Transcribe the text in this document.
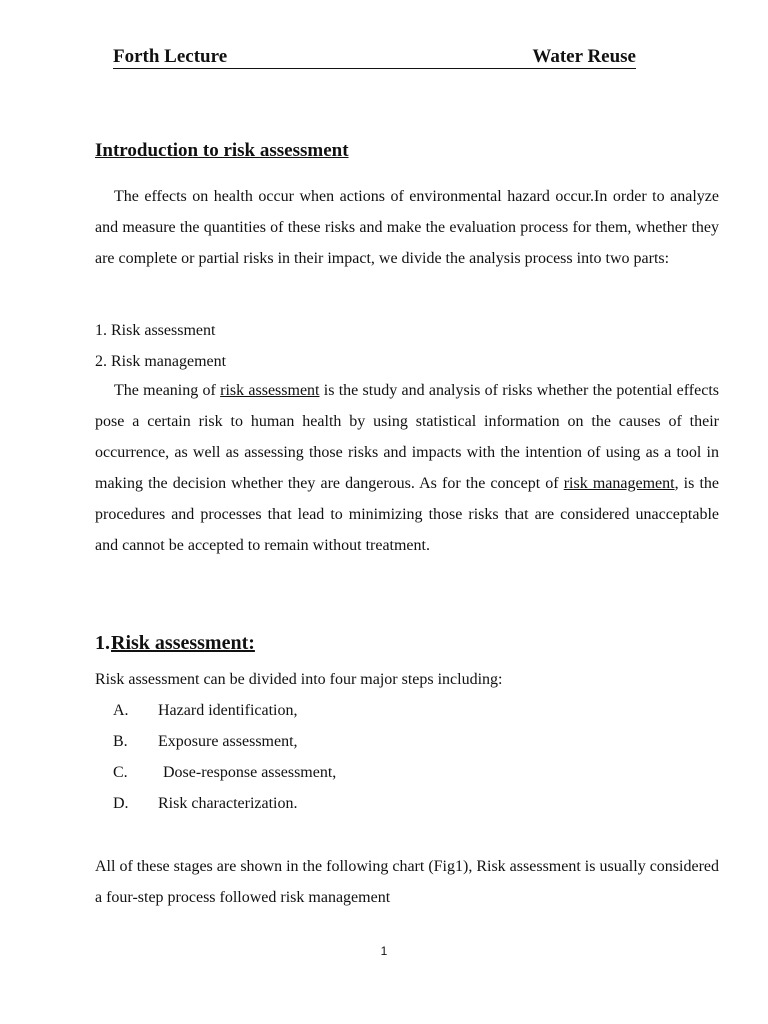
Forth Lecture	Water Reuse
Introduction to risk assessment

The effects on health occur when actions of environmental hazard occur.In order to analyze and measure the quantities of these risks and make the evaluation process for them, whether they are complete or partial risks in their impact, we divide the analysis process into two parts:

1. Risk assessment
2. Risk management

The meaning of risk assessment is the study and analysis of risks whether the potential effects pose a certain risk to human health by using statistical information on the causes of their occurrence, as well as assessing those risks and impacts with the intention of using as a tool in making the decision whether they are dangerous. As for the concept of risk management, is the procedures and processes that lead to minimizing those risks that are considered unacceptable and cannot be accepted to remain without treatment.

1.Risk assessment:
Risk assessment can be divided into four major steps including:
A. Hazard identification,
B. Exposure assessment,
C. Dose-response assessment,
D. Risk characterization.

All of these stages are shown in the following chart (Fig1), Risk assessment is usually considered a four-step process followed risk management

1
